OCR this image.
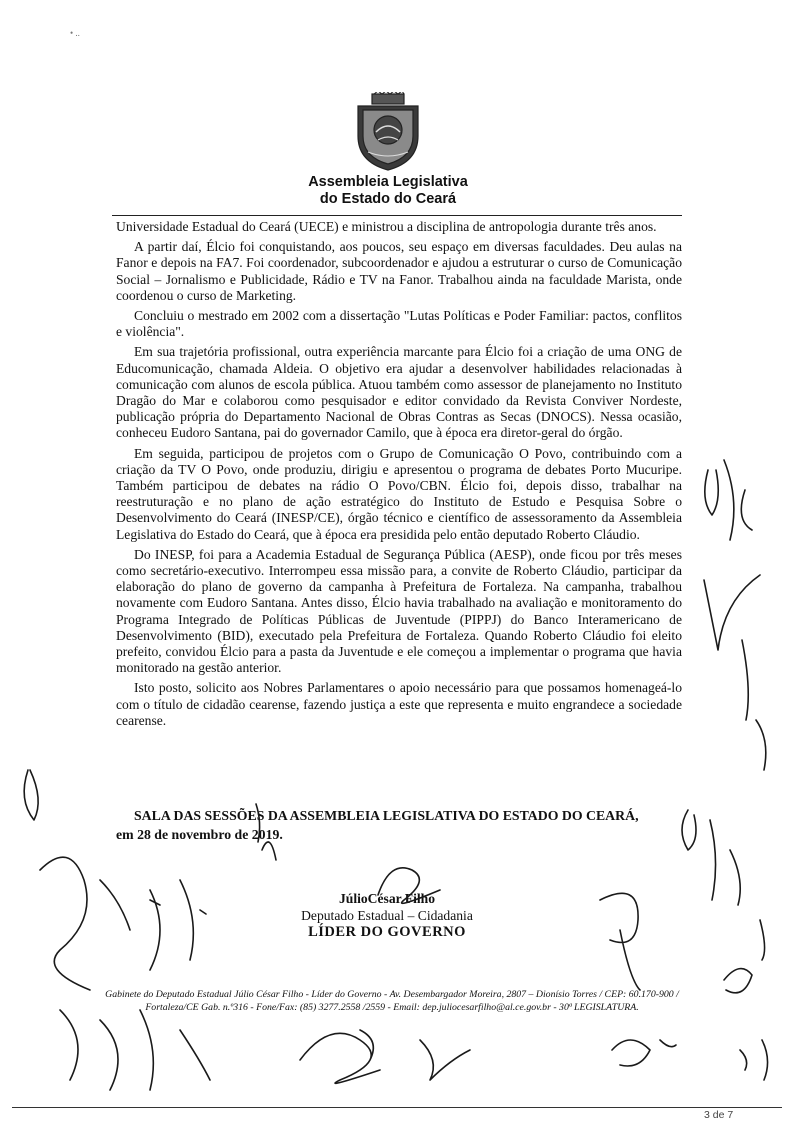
• ..
Assembleia Legislativa
do Estado do Ceará

Universidade Estadual do Ceará (UECE) e ministrou a disciplina de antropologia durante três anos.

A partir daí, Élcio foi conquistando, aos poucos, seu espaço em diversas faculdades. Deu aulas na Fanor e depois na FA7. Foi coordenador, subcoordenador e ajudou a estruturar o curso de Comunicação Social – Jornalismo e Publicidade, Rádio e TV na Fanor. Trabalhou ainda na faculdade Marista, onde coordenou o curso de Marketing.

Concluiu o mestrado em 2002 com a dissertação "Lutas Políticas e Poder Familiar: pactos, conflitos e violência".

Em sua trajetória profissional, outra experiência marcante para Élcio foi a criação de uma ONG de Educomunicação, chamada Aldeia. O objetivo era ajudar a desenvolver habilidades relacionadas à comunicação com alunos de escola pública. Atuou também como assessor de planejamento no Instituto Dragão do Mar e colaborou como pesquisador e editor convidado da Revista Conviver Nordeste, publicação própria do Departamento Nacional de Obras Contras as Secas (DNOCS). Nessa ocasião, conheceu Eudoro Santana, pai do governador Camilo, que à época era diretor-geral do órgão.

Em seguida, participou de projetos com o Grupo de Comunicação O Povo, contribuindo com a criação da TV O Povo, onde produziu, dirigiu e apresentou o programa de debates Porto Mucuripe. Também participou de debates na rádio O Povo/CBN. Élcio foi, depois disso, trabalhar na reestruturação e no plano de ação estratégico do Instituto de Estudo e Pesquisa Sobre o Desenvolvimento do Ceará (INESP/CE), órgão técnico e científico de assessoramento da Assembleia Legislativa do Estado do Ceará, que à época era presidida pelo então deputado Roberto Cláudio.

Do INESP, foi para a Academia Estadual de Segurança Pública (AESP), onde ficou por três meses como secretário-executivo. Interrompeu essa missão para, a convite de Roberto Cláudio, participar da elaboração do plano de governo da campanha à Prefeitura de Fortaleza. Na campanha, trabalhou novamente com Eudoro Santana. Antes disso, Élcio havia trabalhado na avaliação e monitoramento do Programa Integrado de Políticas Públicas de Juventude (PIPPJ) do Banco Interamericano de Desenvolvimento (BID), executado pela Prefeitura de Fortaleza. Quando Roberto Cláudio foi eleito prefeito, convidou Élcio para a pasta da Juventude e ele começou a implementar o programa que havia monitorado na gestão anterior.

Isto posto, solicito aos Nobres Parlamentares o apoio necessário para que possamos homenageá-lo com o título de cidadão cearense, fazendo justiça a este que representa e muito engrandece a sociedade cearense.

SALA DAS SESSÕES DA ASSEMBLEIA LEGISLATIVA DO ESTADO DO CEARÁ,
em 28 de novembro de 2019.
JúlioCésar Filho
Deputado Estadual – Cidadania
LÍDER DO GOVERNO
Gabinete do Deputado Estadual Júlio César Filho - Líder do Governo - Av. Desembargador Moreira, 2807 – Dionísio Torres / CEP: 60.170-900 /
Fortaleza/CE Gab. n.º316 - Fone/Fax: (85) 3277.2558 /2559 - Email: dep.juliocesarfilho@al.ce.gov.br - 30ª LEGISLATURA.
3 de 7
